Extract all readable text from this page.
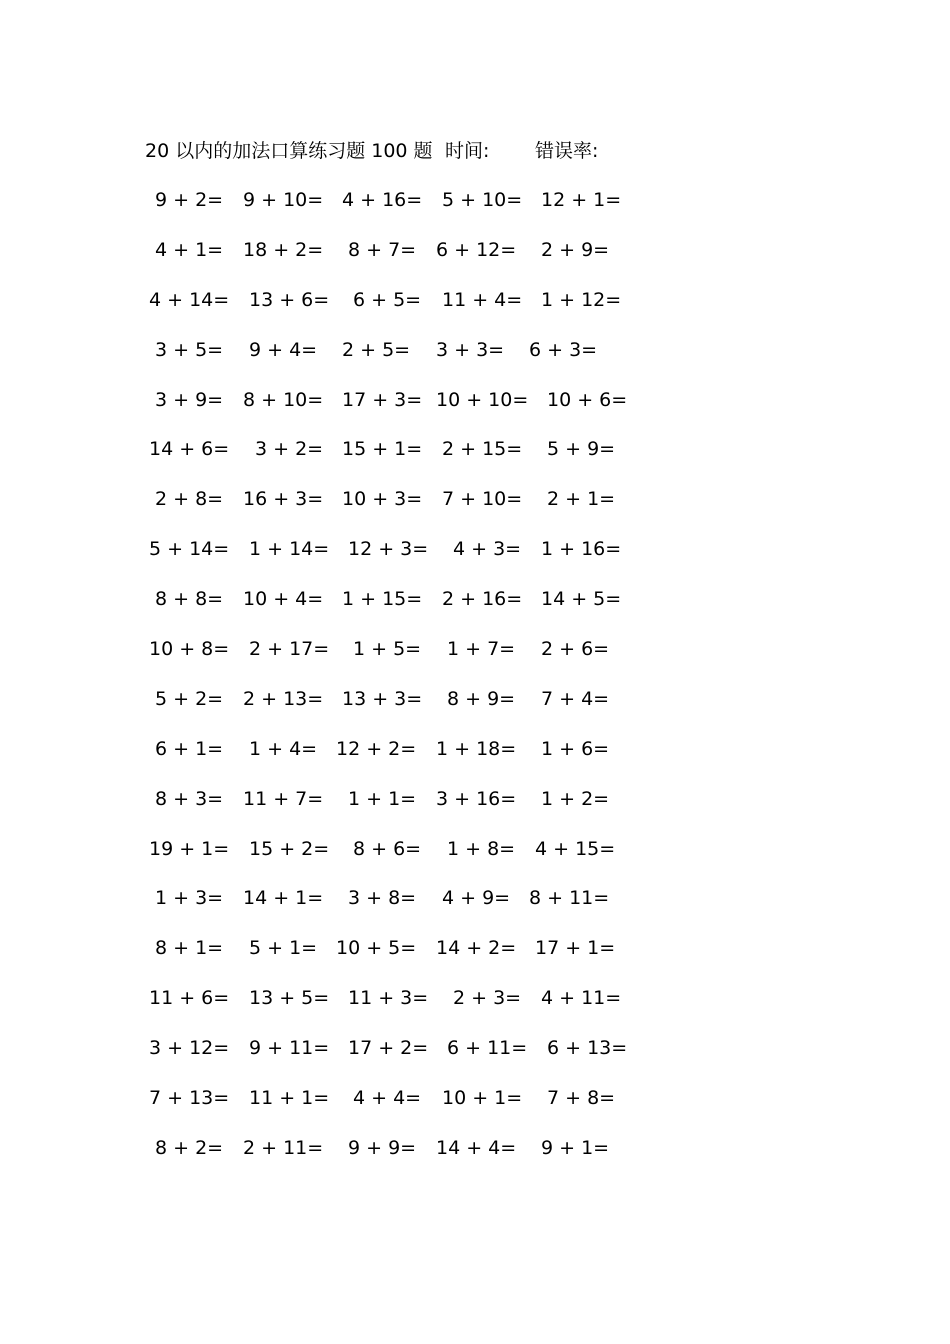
20 以内的加法口算练习题 100 题 时间: 错误率:
9 + 2= 9 + 10= 4 + 16= 5 + 10= 12 + 1=
4 + 1= 18 + 2= 8 + 7= 6 + 12= 2 + 9=
4 + 14= 13 + 6= 6 + 5= 11 + 4= 1 + 12=
3 + 5= 9 + 4= 2 + 5= 3 + 3= 6 + 3=
3 + 9= 8 + 10= 17 + 3= 10 + 10= 10 + 6=
14 + 6= 3 + 2= 15 + 1= 2 + 15= 5 + 9=
2 + 8= 16 + 3= 10 + 3= 7 + 10= 2 + 1=
5 + 14= 1 + 14= 12 + 3= 4 + 3= 1 + 16=
8 + 8= 10 + 4= 1 + 15= 2 + 16= 14 + 5=
10 + 8= 2 + 17= 1 + 5= 1 + 7= 2 + 6=
5 + 2= 2 + 13= 13 + 3= 8 + 9= 7 + 4=
6 + 1= 1 + 4= 12 + 2= 1 + 18= 1 + 6=
8 + 3= 11 + 7= 1 + 1= 3 + 16= 1 + 2=
19 + 1= 15 + 2= 8 + 6= 1 + 8= 4 + 15=
1 + 3= 14 + 1= 3 + 8= 4 + 9= 8 + 11=
8 + 1= 5 + 1= 10 + 5= 14 + 2= 17 + 1=
11 + 6= 13 + 5= 11 + 3= 2 + 3= 4 + 11=
3 + 12= 9 + 11= 17 + 2= 6 + 11= 6 + 13=
7 + 13= 11 + 1= 4 + 4= 10 + 1= 7 + 8=
8 + 2= 2 + 11= 9 + 9= 14 + 4= 9 + 1=
